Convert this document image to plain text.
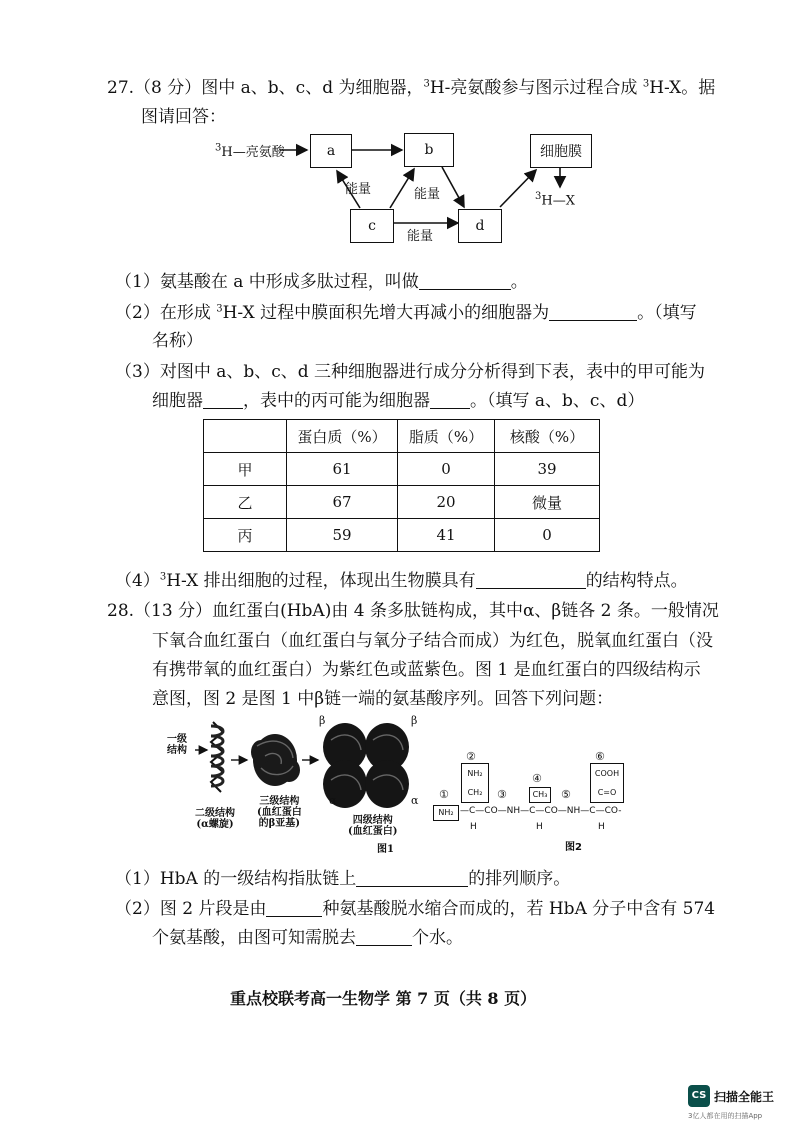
27.（8 分）图中 a、b、c、d 为细胞器，$^3$H-亮氨酸参与图示过程合成 $^3$H-X。据
图请回答：
$^3$H—亮氨酸	a	b
c	d
细胞膜
$^3$H—X
能量	能量
能量
（1）氨基酸在 a 中形成多肽过程，叫做	。
（2）在形成 $^3$H-X 过程中膜面积先增大再减小的细胞器为	。（填写
名称）
（3）对图中 a、b、c、d 三种细胞器进行成分分析得到下表，表中的甲可能为
细胞器 ，表中的丙可能为细胞器 。（填写 a、b、c、d）
	蛋白质（%）	脂质（%）	核酸（%）
甲	61	0	39
乙	67	20	微量
丙	59	41	0
$(4)^3H-X$ 排出细胞的过程，体现出生物膜具有	的结构特点。
28.（13 分）血红蛋白(HbA)由 4 条多肽链构成，其中α、β链各 2 条。一般情况
下氧合血红蛋白（血红蛋白与氧分子结合而成）为红色，脱氧血红蛋白（没
有携带氧的血红蛋白）为紫红色或蓝紫色。图 1 是血红蛋白的四级结构示
意图，图 2 是图 1 中β链一端的氨基酸序列。回答下列问题：
一级
结构
二级结构
(α螺旋)
三级结构
(血红蛋白
的β亚基)	四级结构
(血红蛋白)
β	β
α	α
图1
②
④
⑥
①	③	⑤
NH₂
CH₂	CH₃
COOH
C=O
NH₂ —C—CO—NH—C—CO—NH—C—CO-
H	H	H
图2
（1）HbA 的一级结构指肽链上	的排列顺序。
（2）图 2 片段是由	种氨基酸脱水缩合而成的，若 HbA 分子中含有 574
个氨基酸，由图可知需脱去	个水。
重点校联考高一生物学 第 7 页（共 8 页）
CS 扫描全能王
3亿人都在用的扫描App
